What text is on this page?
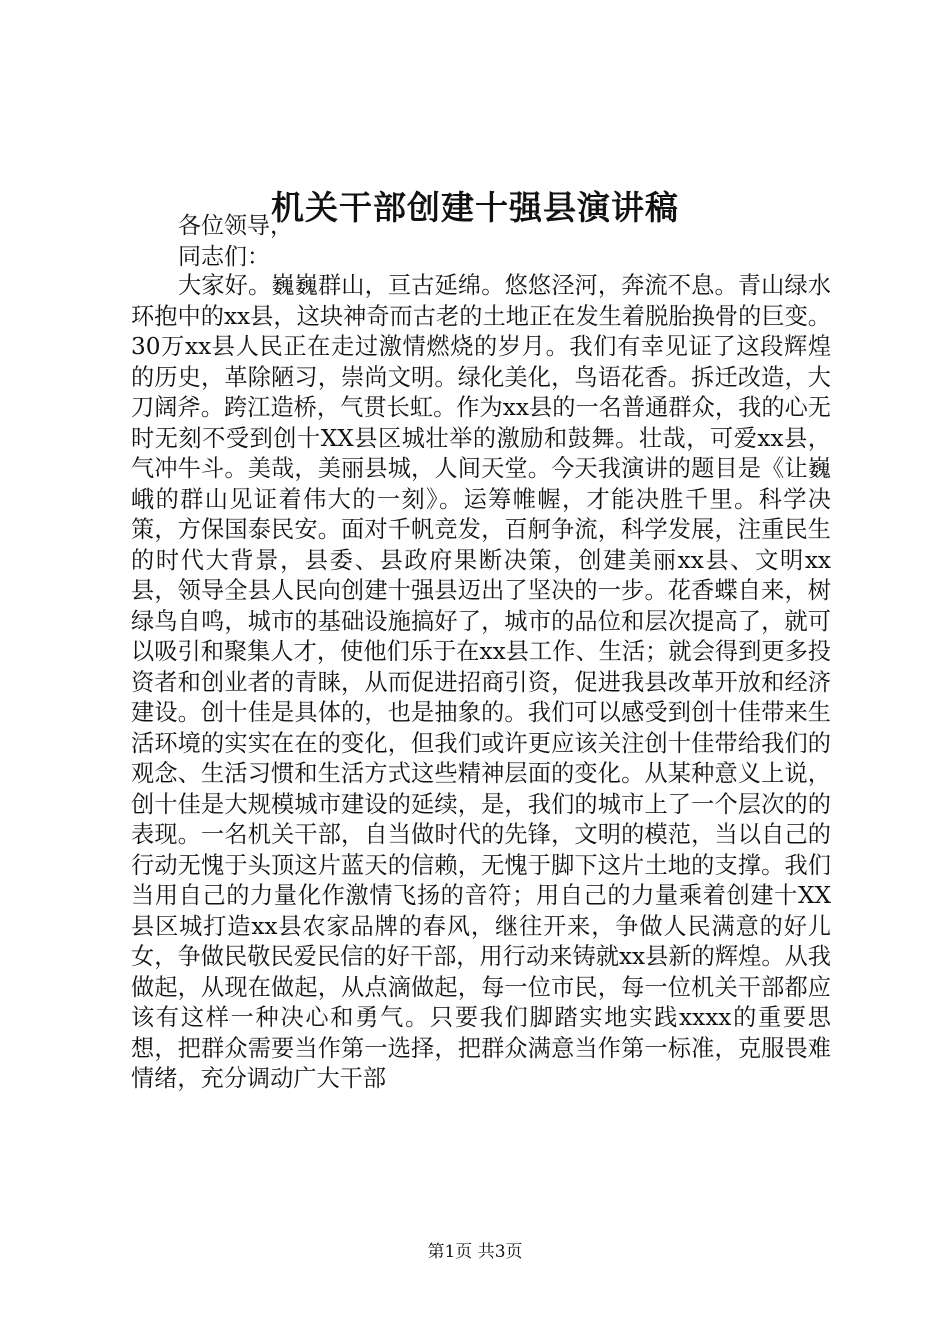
机关干部创建十强县演讲稿
各位领导，
同志们：

大家好。巍巍群山，亘古延绵。悠悠泾河，奔流不息。青山绿水环抱中的xx县，这块神奇而古老的土地正在发生着脱胎换骨的巨变。30万xx县人民正在走过激情燃烧的岁月。我们有幸见证了这段辉煌的历史，革除陋习，崇尚文明。绿化美化，鸟语花香。拆迁改造，大刀阔斧。跨江造桥，气贯长虹。作为xx县的一名普通群众，我的心无时无刻不受到创十XX县区城壮举的激励和鼓舞。壮哉，可爱xx县，气冲牛斗。美哉，美丽县城，人间天堂。今天我演讲的题目是《让巍峨的群山见证着伟大的一刻》。运筹帷幄，才能决胜千里。科学决策，方保国泰民安。面对千帆竞发，百舸争流，科学发展，注重民生的时代大背景，县委、县政府果断决策，创建美丽xx县、文明xx县，领导全县人民向创建十强县迈出了坚决的一步。花香蝶自来，树绿鸟自鸣，城市的基础设施搞好了，城市的品位和层次提高了，就可以吸引和聚集人才，使他们乐于在xx县工作、生活；就会得到更多投资者和创业者的青睐，从而促进招商引资，促进我县改革开放和经济建设。创十佳是具体的，也是抽象的。我们可以感受到创十佳带来生活环境的实实在在的变化，但我们或许更应该关注创十佳带给我们的观念、生活习惯和生活方式这些精神层面的变化。从某种意义上说，创十佳是大规模城市建设的延续，是，我们的城市上了一个层次的的表现。一名机关干部，自当做时代的先锋，文明的模范，当以自己的行动无愧于头顶这片蓝天的信赖，无愧于脚下这片土地的支撑。我们当用自己的力量化作激情飞扬的音符；用自己的力量乘着创建十XX县区城打造xx县农家品牌的春风，继往开来，争做人民满意的好儿女，争做民敬民爱民信的好干部，用行动来铸就xx县新的辉煌。从我做起，从现在做起，从点滴做起，每一位市民，每一位机关干部都应该有这样一种决心和勇气。只要我们脚踏实地实践xxxx的重要思想，把群众需要当作第一选择，把群众满意当作第一标准，克服畏难情绪，充分调动广大干部

第1页 共3页
